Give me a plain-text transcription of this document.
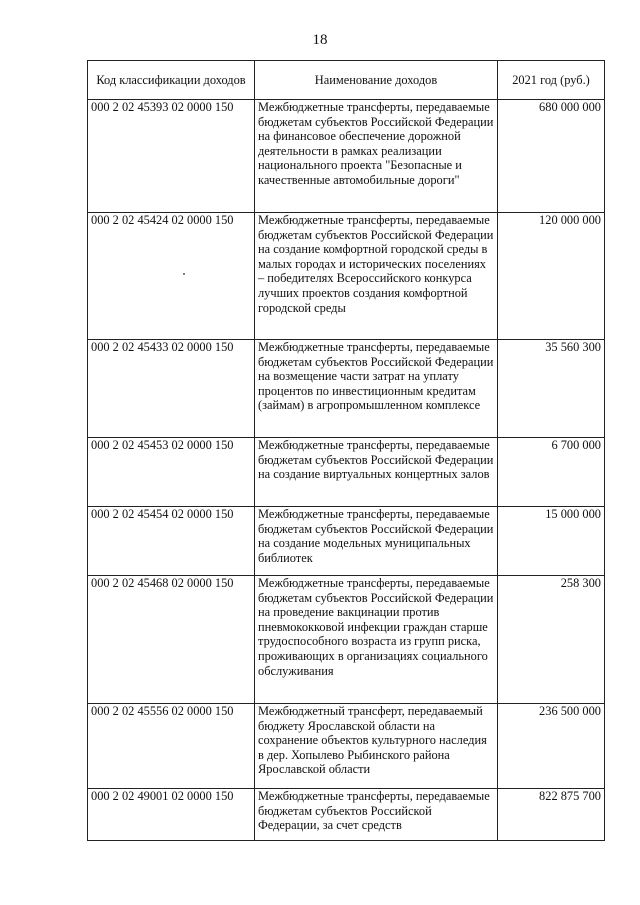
18
Код классификации доходов	Наименование доходов	2021 год (руб.)
000 2 02 45393 02 0000 150	Межбюджетные трансферты, передаваемые бюджетам субъектов Российской Федерации на финансовое обеспечение дорожной деятельности в рамках реализации национального проекта "Безопасные и качественные автомобильные дороги"	680 000 000
000 2 02 45424 02 0000 150	Межбюджетные трансферты, передаваемые бюджетам субъектов Российской Федерации на создание комфортной городской среды в малых городах и исторических поселениях – победителях Всероссийского конкурса лучших проектов создания комфортной городской среды	120 000 000
000 2 02 45433 02 0000 150	Межбюджетные трансферты, передаваемые бюджетам субъектов Российской Федерации на возмещение части затрат на уплату процентов по инвестиционным кредитам (займам) в агропромышленном комплексе	35 560 300
000 2 02 45453 02 0000 150	Межбюджетные трансферты, передаваемые бюджетам субъектов Российской Федерации на создание виртуальных концертных залов	6 700 000
000 2 02 45454 02 0000 150	Межбюджетные трансферты, передаваемые бюджетам субъектов Российской Федерации на создание модельных муниципальных библиотек	15 000 000
000 2 02 45468 02 0000 150	Межбюджетные трансферты, передаваемые бюджетам субъектов Российской Федерации на проведение вакцинации против пневмококковой инфекции граждан старше трудоспособного возраста из групп риска, проживающих в организациях социального обслуживания	258 300
000 2 02 45556 02 0000 150	Межбюджетный трансферт, передаваемый бюджету Ярославской области на сохранение объектов культурного наследия в дер. Хопылево Рыбинского района Ярославской области	236 500 000
000 2 02 49001 02 0000 150	Межбюджетные трансферты, передаваемые бюджетам субъектов Российской Федерации, за счет средств	822 875 700
